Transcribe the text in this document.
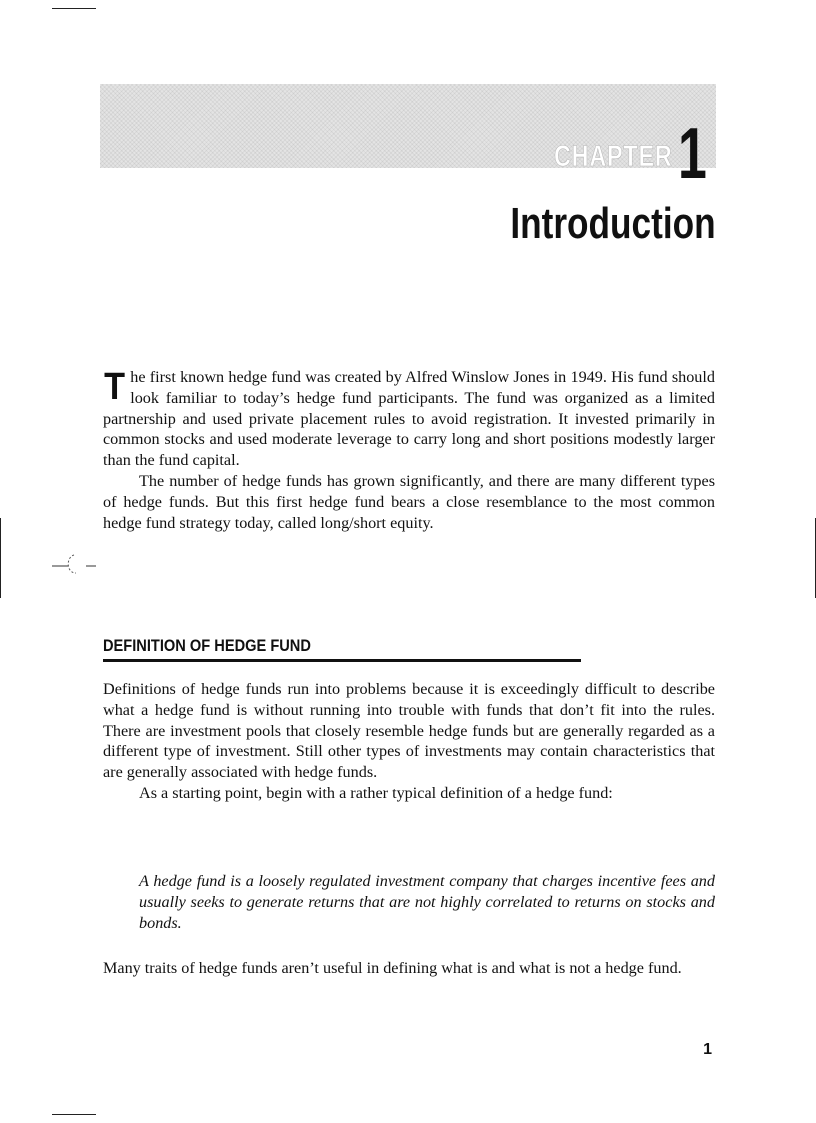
CHAPTER 1
Introduction

The first known hedge fund was created by Alfred Winslow Jones in 1949. His fund should look familiar to today’s hedge fund participants. The fund was organized as a limited partnership and used private placement rules to avoid registration. It invested primarily in common stocks and used moderate leverage to carry long and short positions modestly larger than the fund capital.

The number of hedge funds has grown significantly, and there are many different types of hedge funds. But this first hedge fund bears a close resemblance to the most common hedge fund strategy today, called long/short equity.

DEFINITION OF HEDGE FUND

Definitions of hedge funds run into problems because it is exceedingly difficult to describe what a hedge fund is without running into trouble with funds that don’t fit into the rules. There are investment pools that closely resemble hedge funds but are generally regarded as a different type of investment. Still other types of investments may contain characteristics that are generally associated with hedge funds.

As a starting point, begin with a rather typical definition of a hedge fund:

A hedge fund is a loosely regulated investment company that charges incentive fees and usually seeks to generate returns that are not highly correlated to returns on stocks and bonds.

Many traits of hedge funds aren’t useful in defining what is and what is not a hedge fund.

1
